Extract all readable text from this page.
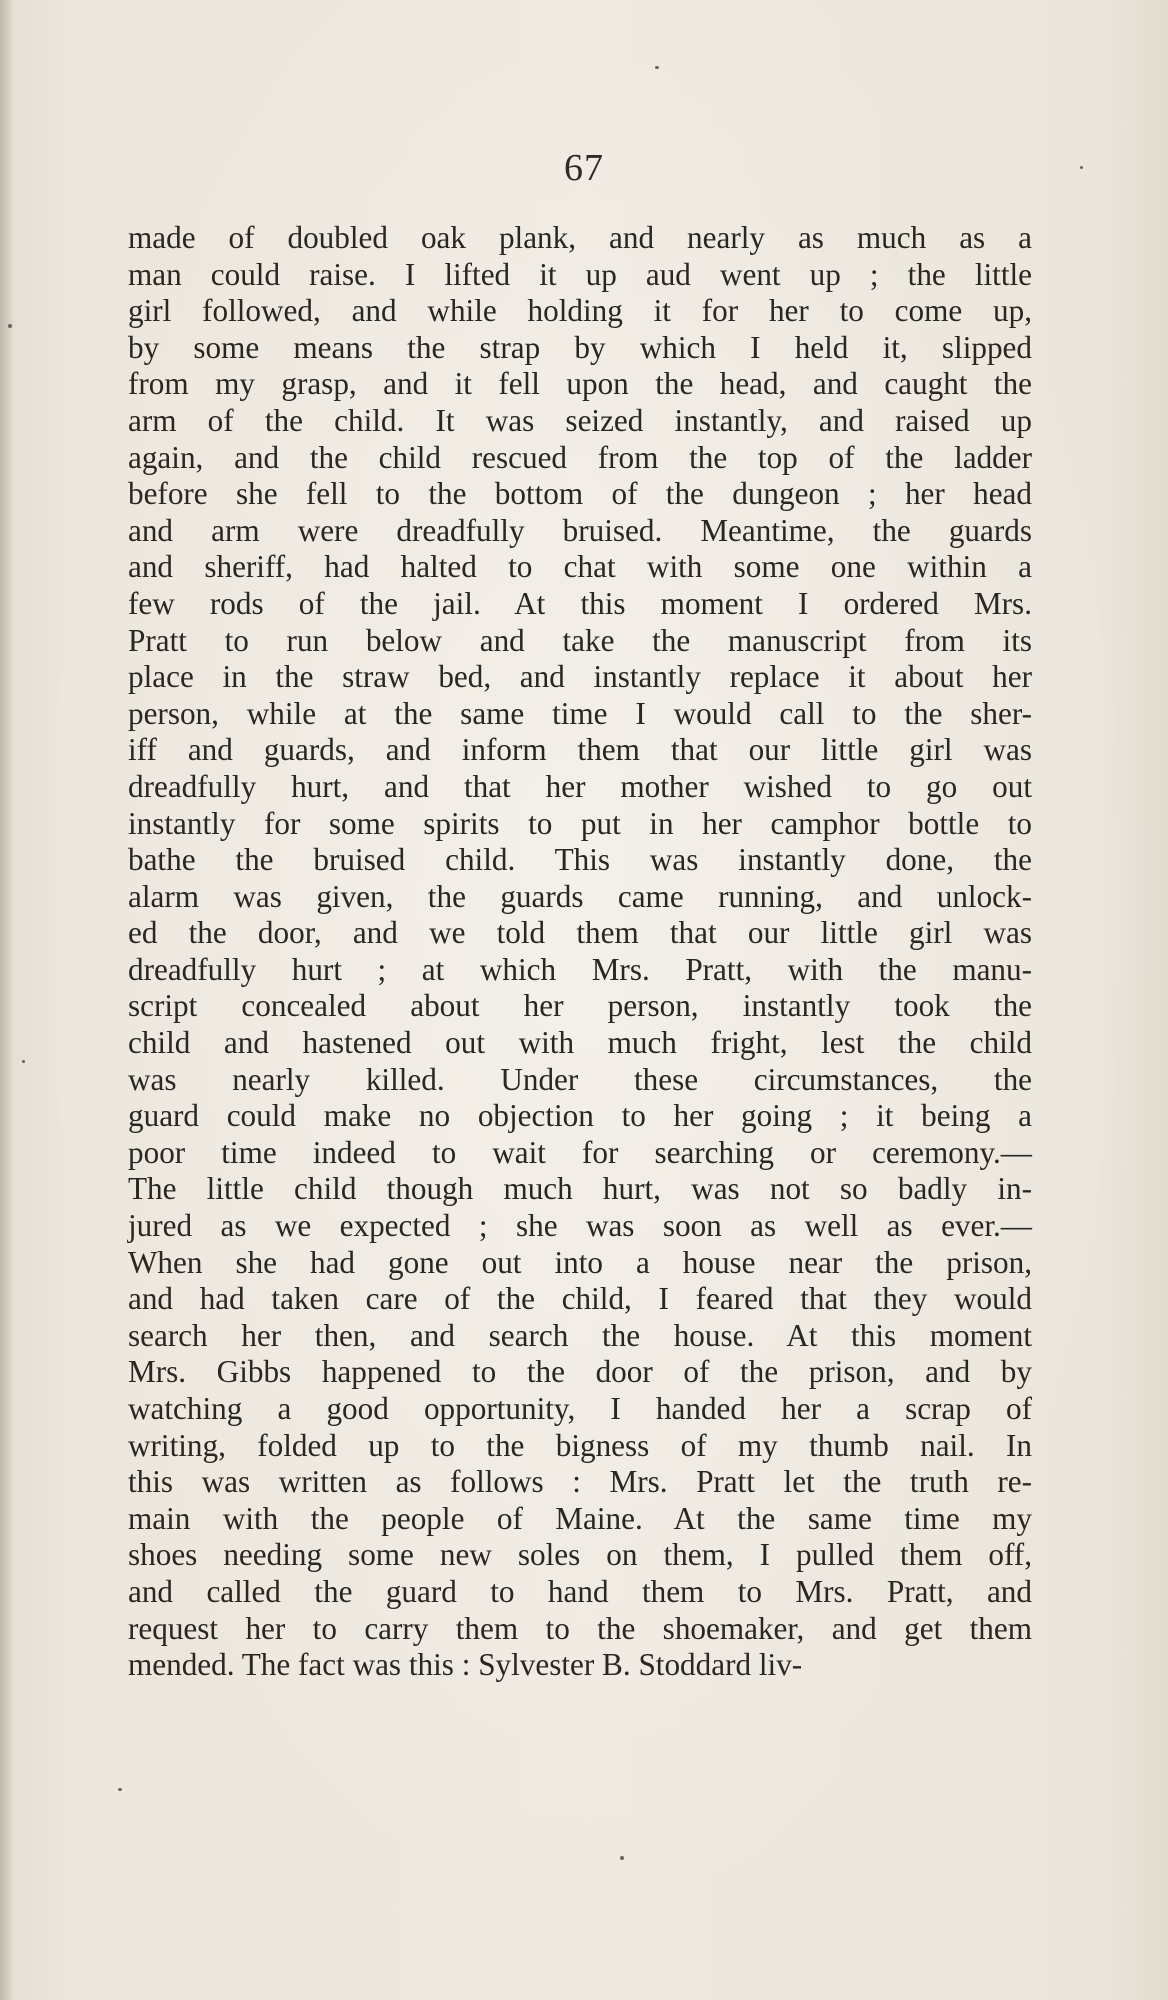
67
made of doubled oak plank, and nearly as much as a
man could raise. I lifted it up aud went up ; the little
girl followed, and while holding it for her to come up,
by some means the strap by which I held it, slipped
from my grasp, and it fell upon the head, and caught the
arm of the child. It was seized instantly, and raised up
again, and the child rescued from the top of the ladder
before she fell to the bottom of the dungeon ; her head
and arm were dreadfully bruised. Meantime, the guards
and sheriff, had halted to chat with some one within a
few rods of the jail. At this moment I ordered Mrs.
Pratt to run below and take the manuscript from its
place in the straw bed, and instantly replace it about her
person, while at the same time I would call to the sher-
iff and guards, and inform them that our little girl was
dreadfully hurt, and that her mother wished to go out
instantly for some spirits to put in her camphor bottle to
bathe the bruised child. This was instantly done, the
alarm was given, the guards came running, and unlock-
ed the door, and we told them that our little girl was
dreadfully hurt ; at which Mrs. Pratt, with the manu-
script concealed about her person, instantly took the
child and hastened out with much fright, lest the child
was nearly killed. Under these circumstances, the
guard could make no objection to her going ; it being a
poor time indeed to wait for searching or ceremony.—
The little child though much hurt, was not so badly in-
jured as we expected ; she was soon as well as ever.—
When she had gone out into a house near the prison,
and had taken care of the child, I feared that they would
search her then, and search the house. At this moment
Mrs. Gibbs happened to the door of the prison, and by
watching a good opportunity, I handed her a scrap of
writing, folded up to the bigness of my thumb nail. In
this was written as follows : Mrs. Pratt let the truth re-
main with the people of Maine. At the same time my
shoes needing some new soles on them, I pulled them off,
and called the guard to hand them to Mrs. Pratt, and
request her to carry them to the shoemaker, and get them
mended. The fact was this : Sylvester B. Stoddard liv-
